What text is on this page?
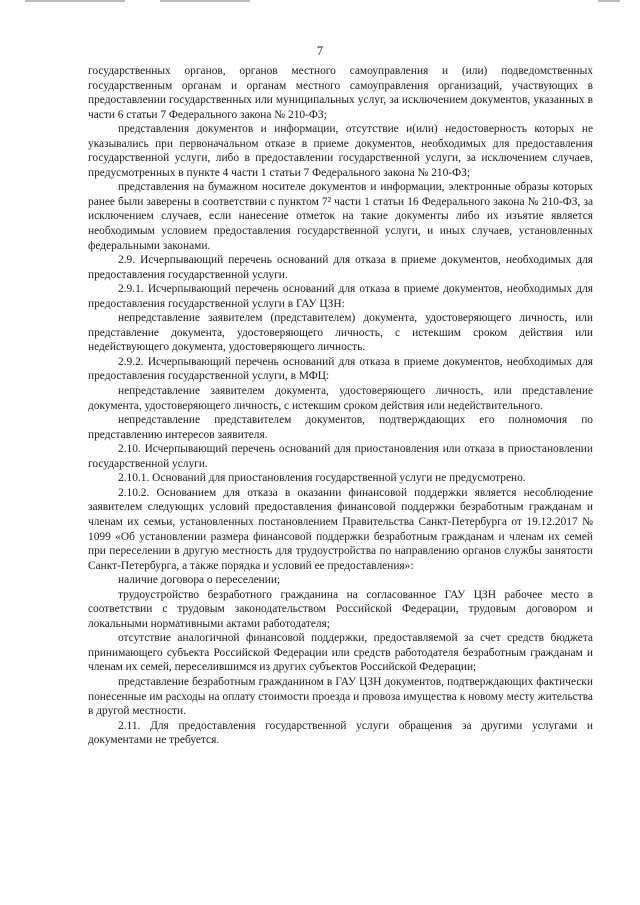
7

государственных органов, органов местного самоуправления и (или) подведомственных государственным органам и органам местного самоуправления организаций, участвующих в предоставлении государственных или муниципальных услуг, за исключением документов, указанных в части 6 статьи 7 Федерального закона № 210-ФЗ;

представления документов и информации, отсутствие и(или) недостоверность которых не указывались при первоначальном отказе в приеме документов, необходимых для предоставления государственной услуги, либо в предоставлении государственной услуги, за исключением случаев, предусмотренных в пункте 4 части 1 статьи 7 Федерального закона № 210-ФЗ;

представления на бумажном носителе документов и информации, электронные образы которых ранее были заверены в соответствии с пунктом 7² части 1 статьи 16 Федерального закона № 210-ФЗ, за исключением случаев, если нанесение отметок на такие документы либо их изъятие является необходимым условием предоставления государственной услуги, и иных случаев, установленных федеральными законами.

2.9. Исчерпывающий перечень оснований для отказа в приеме документов, необходимых для предоставления государственной услуги.

2.9.1. Исчерпывающий перечень оснований для отказа в приеме документов, необходимых для предоставления государственной услуги в ГАУ ЦЗН:

непредставление заявителем (представителем) документа, удостоверяющего личность, или представление документа, удостоверяющего личность, с истекшим сроком действия или недействующего документа, удостоверяющего личность.

2.9.2. Исчерпывающий перечень оснований для отказа в приеме документов, необходимых для предоставления государственной услуги, в МФЦ:

непредставление заявителем документа, удостоверяющего личность, или представление документа, удостоверяющего личность, с истекшим сроком действия или недействительного.

непредставление представителем документов, подтверждающих его полномочия по представлению интересов заявителя.

2.10. Исчерпывающий перечень оснований для приостановления или отказа в приостановлении государственной услуги.

2.10.1. Оснований для приостановления государственной услуги не предусмотрено.

2.10.2. Основанием для отказа в оказании финансовой поддержки является несоблюдение заявителем следующих условий предоставления финансовой поддержки безработным гражданам и членам их семьи, установленных постановлением Правительства Санкт-Петербурга от 19.12.2017 № 1099 «Об установлении размера финансовой поддержки безработным гражданам и членам их семей при переселении в другую местность для трудоустройства по направлению органов службы занятости Санкт-Петербурга, а также порядка и условий ее предоставления»:

наличие договора о переселении;

трудоустройство безработного гражданина на согласованное ГАУ ЦЗН рабочее место в соответствии с трудовым законодательством Российской Федерации, трудовым договором и локальными нормативными актами работодателя;

отсутствие аналогичной финансовой поддержки, предоставляемой за счет средств бюджета принимающего субъекта Российской Федерации или средств работодателя безработным гражданам и членам их семей, переселившимся из других субъектов Российской Федерации;

представление безработным гражданином в ГАУ ЦЗН документов, подтверждающих фактически понесенные им расходы на оплату стоимости проезда и провоза имущества к новому месту жительства в другой местности.

2.11. Для предоставления государственной услуги обращения за другими услугами и документами не требуется.
